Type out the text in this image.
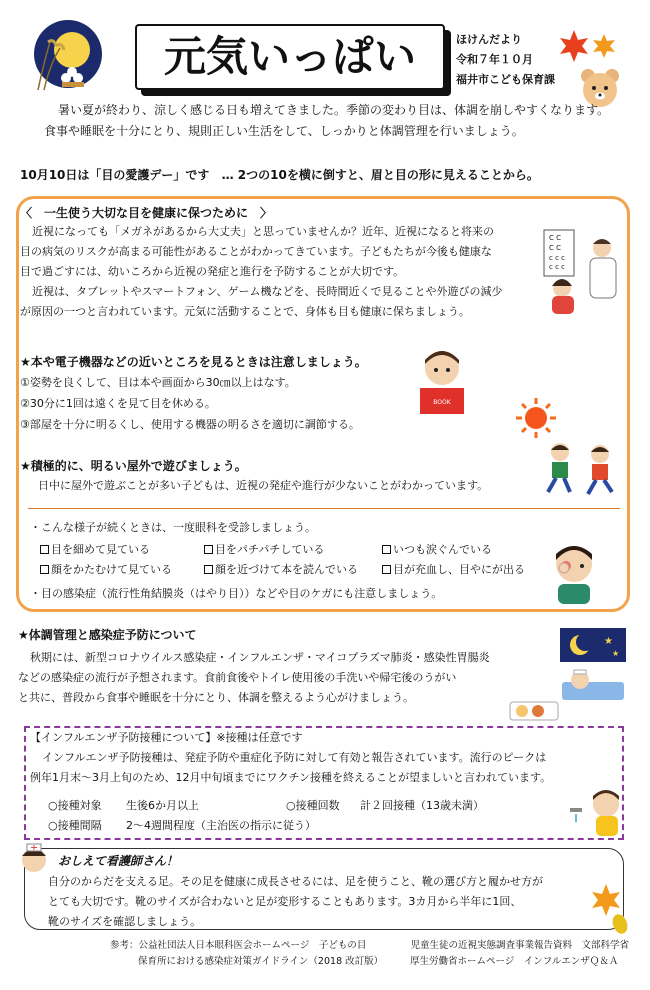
元気いっぱい	ほけんだより
令和７年１０月
福井市こども保育課
暑い夏が終わり、涼しく感じる日も増えてきました。季節の変わり目は、体調を崩しやすくなります。
食事や睡眠を十分にとり、規則正しい生活をして、しっかりと体調管理を行いましょう。
10月10日は「目の愛護デー」です … 2つの10を横に倒すと、眉と目の形に見えることから。
〈　一生使う大切な目を健康に保つために　〉
近視になっても「メガネがあるから大丈夫」と思っていませんか？近年、近視になると将来の
目の病気のリスクが高まる可能性があることがわかってきています。子どもたちが今後も健康な
目で過ごすには、幼いころから近視の発症と進行を予防することが大切です。
近視は、タブレットやスマートフォン、ゲーム機などを、長時間近くで見ることや外遊びの減少
が原因の一つと言われています。元気に活動することで、身体も目も健康に保ちましょう。
C C
C C
c c c
c c c
★本や電子機器などの近いところを見るときは注意しましょう。
①姿勢を良くして、目は本や画面から30㎝以上はなす。
②30分に1回は遠くを見て目を休める。
③部屋を十分に明るくし、使用する機器の明るさを適切に調節する。
BOOK
★積極的に、明るい屋外で遊びましょう。
日中に屋外で遊ぶことが多い子どもは、近視の発症や進行が少ないことがわかっています。
・こんな様子が続くときは、一度眼科を受診しましょう。
目を細めて見ている	目をパチパチしている	いつも涙ぐんでいる
顔をかたむけて見ている	顔を近づけて本を読んでいる	目が充血し、目やにが出る
・目の感染症（流行性角結膜炎（はやり目））などや目のケガにも注意しましょう。
★体調管理と感染症予防について
秋期には、新型コロナウイルス感染症・インフルエンザ・マイコプラズマ肺炎・感染性胃腸炎
などの感染症の流行が予想されます。食前食後やトイレ使用後の手洗いや帰宅後のうがい
と共に、普段から食事や睡眠を十分にとり、体調を整えるよう心がけましょう。
★
★
【インフルエンザ予防接種について】※接種は任意です
インフルエンザ予防接種は、発症予防や重症化予防に対して有効と報告されています。流行のピークは
例年1月末～3月上旬のため、12月中旬頃までにワクチン接種を終えることが望ましいと言われています。
○接種対象	生後6か月以上	○接種回数	計２回接種（13歳未満）
○接種間隔	2～4週間程度（主治医の指示に従う）
おしえて看護師さん！
自分のからだを支える足。その足を健康に成長させるには、足を使うこと、靴の選び方と履かせ方が
とても大切です。靴のサイズが合わないと足が変形することもあります。3カ月から半年に1回、
靴のサイズを確認しましょう。
参考： 公益社団法人日本眼科医会ホームページ　子どもの目	児童生徒の近視実態調査事業報告資料　文部科学省
保育所における感染症対策ガイドライン（2018 改訂版）	厚生労働省ホームページ　インフルエンザＱ＆Ａ
